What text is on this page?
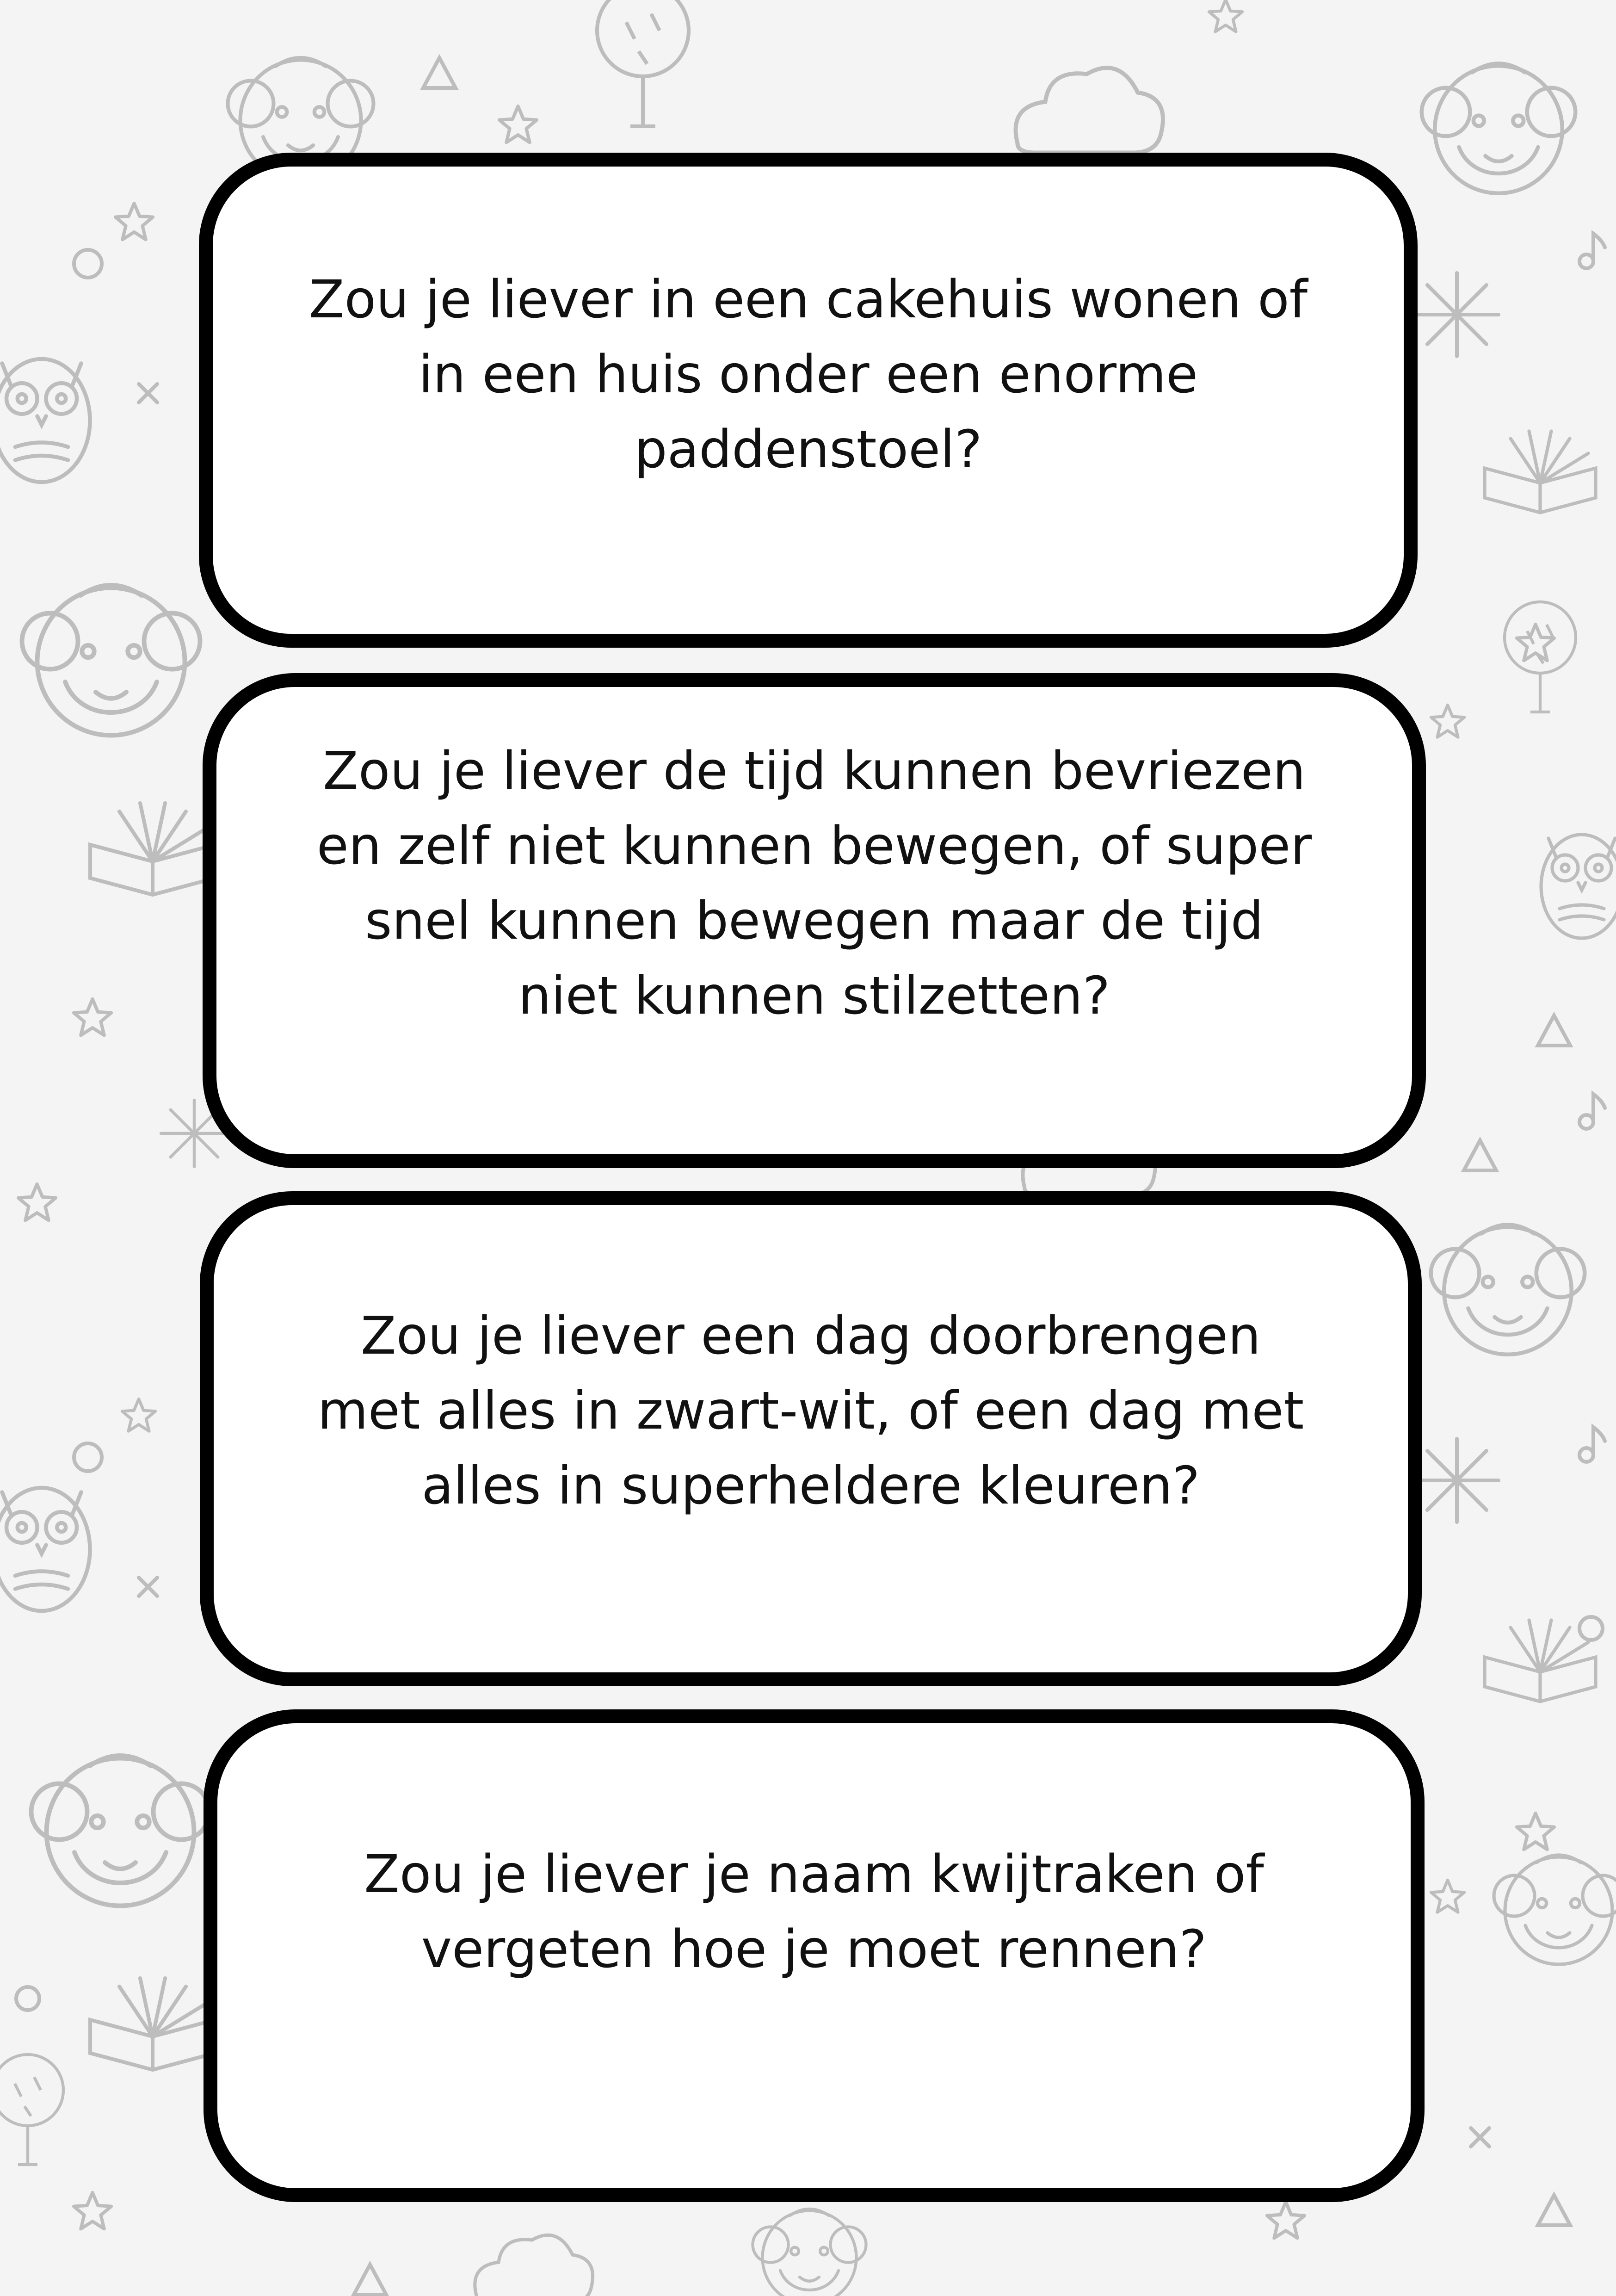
Zou je liever in een cakehuis wonen of
in een huis onder een enorme
paddenstoel?

Zou je liever de tijd kunnen bevriezen
en zelf niet kunnen bewegen, of super
snel kunnen bewegen maar de tijd
niet kunnen stilzetten?

Zou je liever een dag doorbrengen
met alles in zwart-wit, of een dag met
alles in superheldere kleuren?

Zou je liever je naam kwijtraken of
vergeten hoe je moet rennen?
